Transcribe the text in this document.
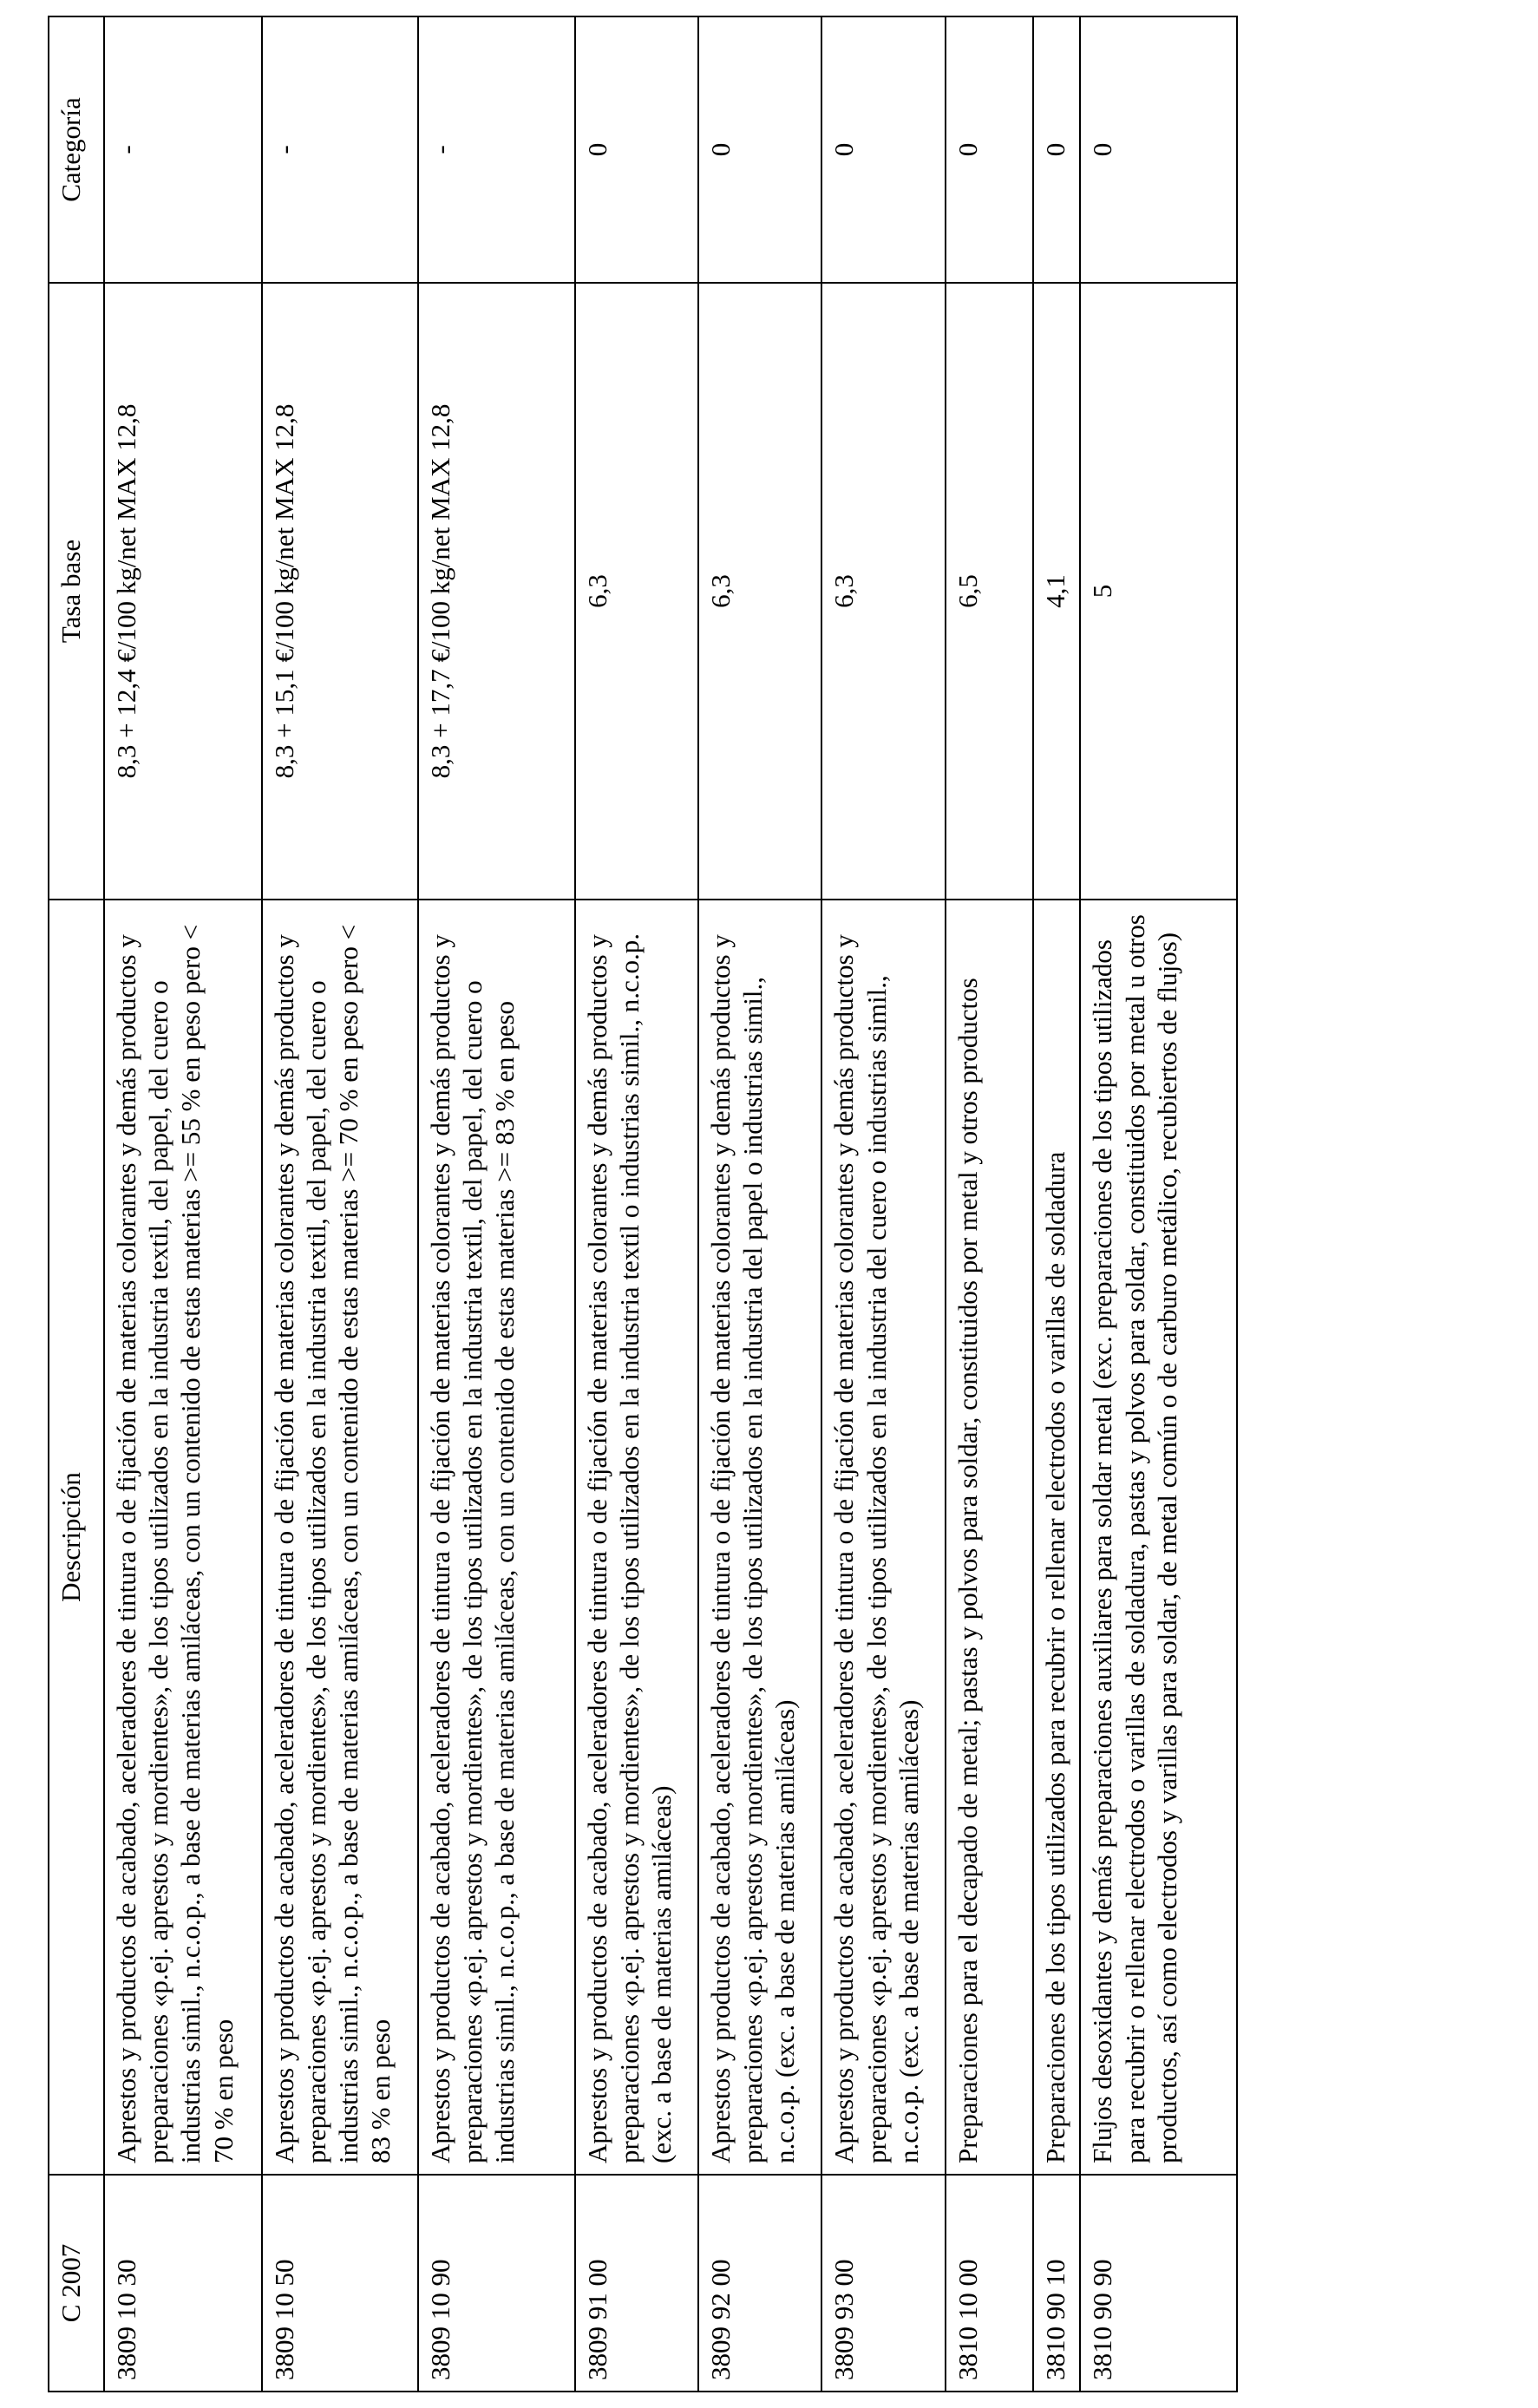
C 2007	Descripción	Tasa base	Categoría
3809 10 30	Aprestos y productos de acabado, aceleradores de tintura o de fijación de materias colorantes y demás productos y preparaciones «p.ej. aprestos y mordientes», de los tipos utilizados en la industria textil, del papel, del cuero o industrias simil., n.c.o.p., a base de materias amiláceas, con un contenido de estas materias >= 55 % en peso pero < 70 % en peso	8,3 + 12,4 €/100 kg/net MAX 12,8	-
3809 10 50	Aprestos y productos de acabado, aceleradores de tintura o de fijación de materias colorantes y demás productos y preparaciones «p.ej. aprestos y mordientes», de los tipos utilizados en la industria textil, del papel, del cuero o industrias simil., n.c.o.p., a base de materias amiláceas, con un contenido de estas materias >= 70 % en peso pero < 83 % en peso	8,3 + 15,1 €/100 kg/net MAX 12,8	-
3809 10 90	Aprestos y productos de acabado, aceleradores de tintura o de fijación de materias colorantes y demás productos y preparaciones «p.ej. aprestos y mordientes», de los tipos utilizados en la industria textil, del papel, del cuero o industrias simil., n.c.o.p., a base de materias amiláceas, con un contenido de estas materias >= 83 % en peso	8,3 + 17,7 €/100 kg/net MAX 12,8	-
3809 91 00	Aprestos y productos de acabado, aceleradores de tintura o de fijación de materias colorantes y demás productos y preparaciones «p.ej. aprestos y mordientes», de los tipos utilizados en la industria textil o industrias simil., n.c.o.p. (exc. a base de materias amiláceas)	6,3	0
3809 92 00	Aprestos y productos de acabado, aceleradores de tintura o de fijación de materias colorantes y demás productos y preparaciones «p.ej. aprestos y mordientes», de los tipos utilizados en la industria del papel o industrias simil., n.c.o.p. (exc. a base de materias amiláceas)	6,3	0
3809 93 00	Aprestos y productos de acabado, aceleradores de tintura o de fijación de materias colorantes y demás productos y preparaciones «p.ej. aprestos y mordientes», de los tipos utilizados en la industria del cuero o industrias simil., n.c.o.p. (exc. a base de materias amiláceas)	6,3	0
3810 10 00	Preparaciones para el decapado de metal; pastas y polvos para soldar, constituidos por metal y otros productos	6,5	0
3810 90 10	Preparaciones de los tipos utilizados para recubrir o rellenar electrodos o varillas de soldadura	4,1	0
3810 90 90	Flujos desoxidantes y demás preparaciones auxiliares para soldar metal (exc. preparaciones de los tipos utilizados para recubrir o rellenar electrodos o varillas de soldadura, pastas y polvos para soldar, constituidos por metal u otros productos, así como electrodos y varillas para soldar, de metal común o de carburo metálico, recubiertos de flujos)	5	0
